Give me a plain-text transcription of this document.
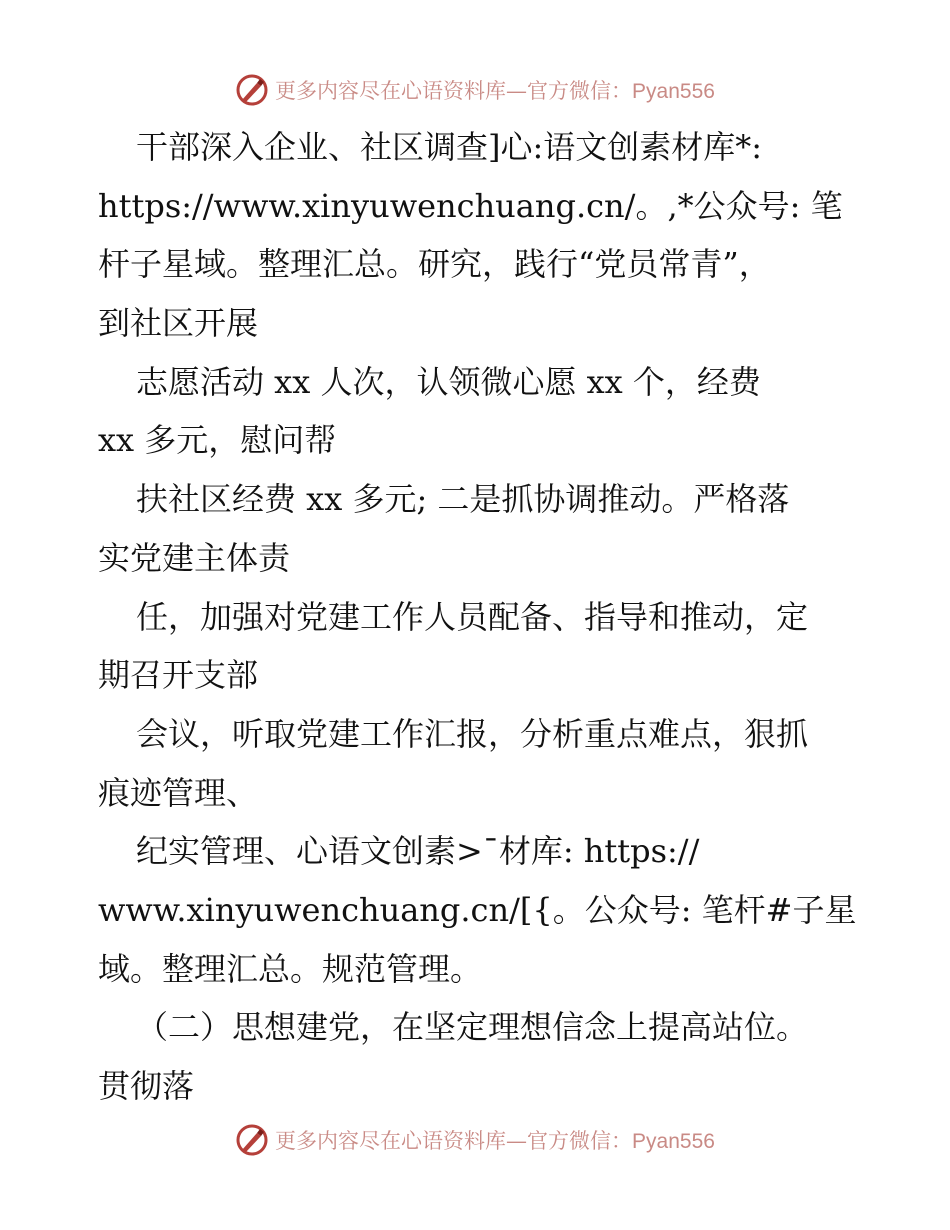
更多内容尽在心语资料库—官方微信：Pyan556
干部深入企业、社区调查]心:语文创素材库*:
https://www.xinyuwenchuang.cn/。,*公众号: 笔
杆子星域。整理汇总。研究，践行“党员常青”，
到社区开展
志愿活动 xx 人次，认领微心愿 xx 个，经费
xx 多元，慰问帮
扶社区经费 xx 多元; 二是抓协调推动。严格落
实党建主体责
任，加强对党建工作人员配备、指导和推动，定
期召开支部
会议，听取党建工作汇报，分析重点难点，狠抓
痕迹管理、
纪实管理、心语文创素>¯材库: https://
www.xinyuwenchuang.cn/[{。公众号: 笔杆#子星
域。整理汇总。规范管理。
（二）思想建党，在坚定理想信念上提高站位。
贯彻落
更多内容尽在心语资料库—官方微信：Pyan556
